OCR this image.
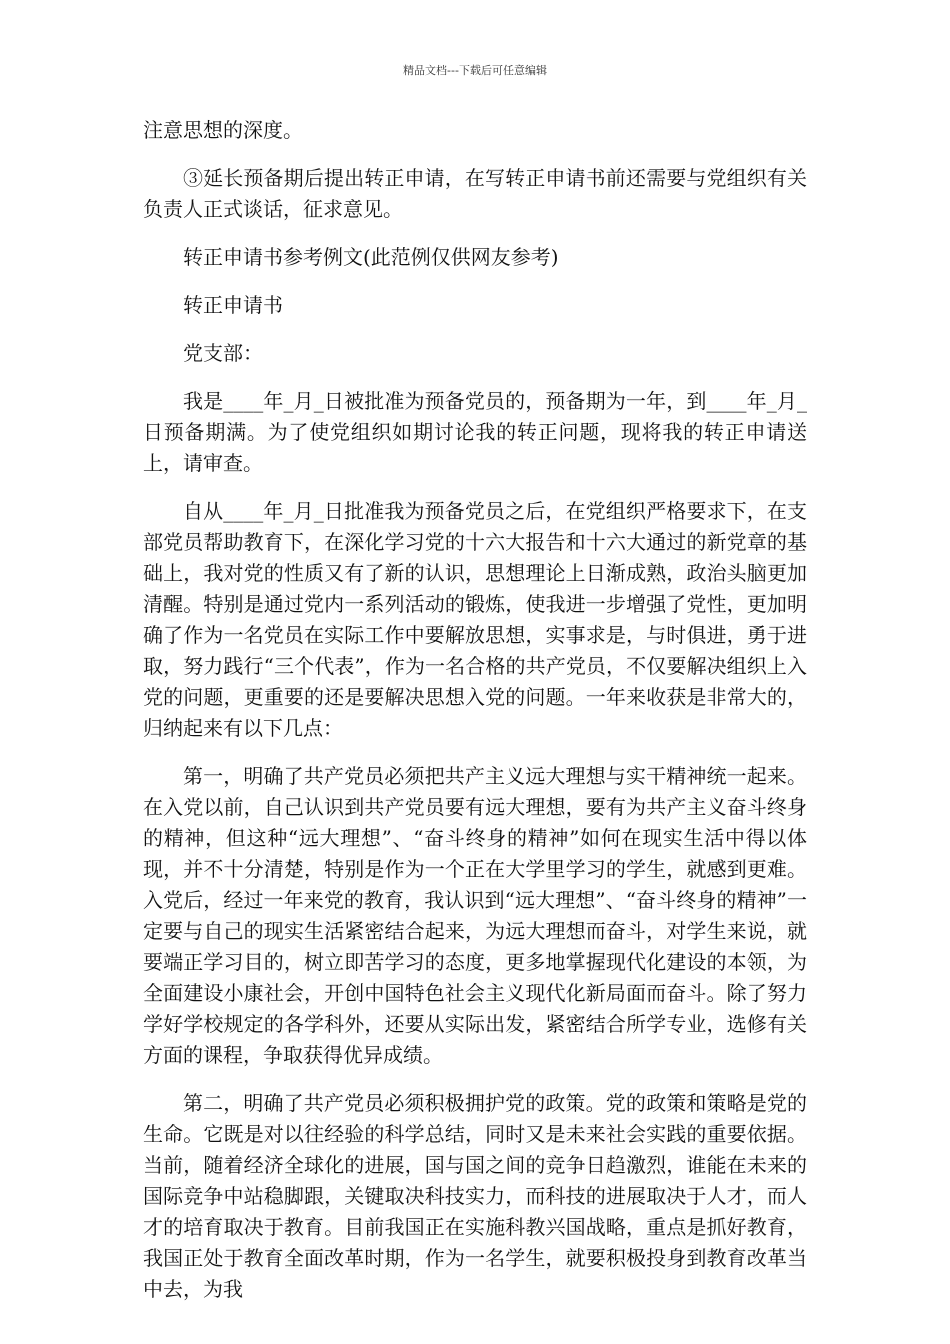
精品文档---下载后可任意编辑

注意思想的深度。

③延长预备期后提出转正申请，在写转正申请书前还需要与党组织有关负责人正式谈话，征求意见。

转正申请书参考例文(此范例仅供网友参考)

转正申请书

党支部：

我是____年_月_日被批准为预备党员的，预备期为一年，到____年_月_日预备期满。为了使党组织如期讨论我的转正问题，现将我的转正申请送上，请审查。

自从____年_月_日批准我为预备党员之后，在党组织严格要求下，在支部党员帮助教育下，在深化学习党的十六大报告和十六大通过的新党章的基础上，我对党的性质又有了新的认识，思想理论上日渐成熟，政治头脑更加清醒。特别是通过党内一系列活动的锻炼，使我进一步增强了党性，更加明确了作为一名党员在实际工作中要解放思想，实事求是，与时俱进，勇于进取，努力践行“三个代表”，作为一名合格的共产党员，不仅要解决组织上入党的问题，更重要的还是要解决思想入党的问题。一年来收获是非常大的，归纳起来有以下几点：

第一，明确了共产党员必须把共产主义远大理想与实干精神统一起来。在入党以前，自己认识到共产党员要有远大理想，要有为共产主义奋斗终身的精神，但这种“远大理想”、“奋斗终身的精神”如何在现实生活中得以体现，并不十分清楚，特别是作为一个正在大学里学习的学生，就感到更难。入党后，经过一年来党的教育，我认识到“远大理想”、“奋斗终身的精神”一定要与自己的现实生活紧密结合起来，为远大理想而奋斗，对学生来说，就要端正学习目的，树立即苦学习的态度，更多地掌握现代化建设的本领，为全面建设小康社会，开创中国特色社会主义现代化新局面而奋斗。除了努力学好学校规定的各学科外，还要从实际出发，紧密结合所学专业，选修有关方面的课程，争取获得优异成绩。

第二，明确了共产党员必须积极拥护党的政策。党的政策和策略是党的生命。它既是对以往经验的科学总结，同时又是未来社会实践的重要依据。当前，随着经济全球化的进展，国与国之间的竞争日趋激烈，谁能在未来的国际竞争中站稳脚跟，关键取决科技实力，而科技的进展取决于人才，而人才的培育取决于教育。目前我国正在实施科教兴国战略，重点是抓好教育，我国正处于教育全面改革时期，作为一名学生，就要积极投身到教育改革当中去，为我
